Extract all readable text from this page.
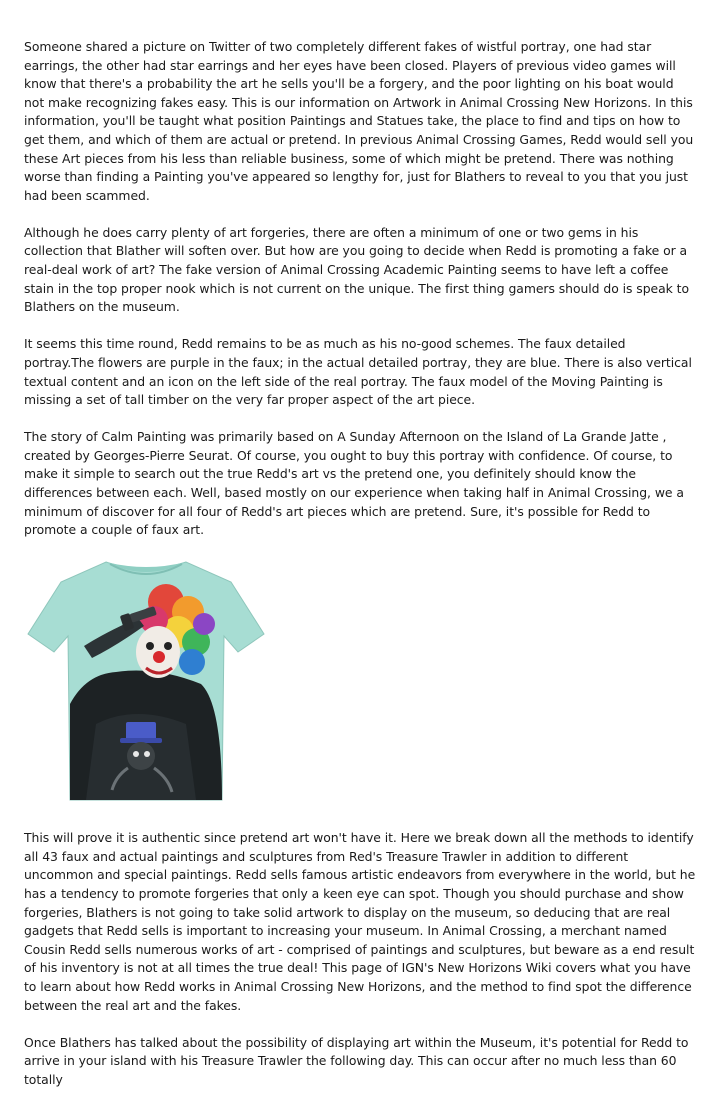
Someone shared a picture on Twitter of two completely different fakes of wistful portray, one had star earrings, the other had star earrings and her eyes have been closed. Players of previous video games will know that there's a probability the art he sells you'll be a forgery, and the poor lighting on his boat would not make recognizing fakes easy. This is our information on Artwork in Animal Crossing New Horizons. In this information, you'll be taught what position Paintings and Statues take, the place to find and tips on how to get them, and which of them are actual or pretend. In previous Animal Crossing Games, Redd would sell you these Art pieces from his less than reliable business, some of which might be pretend. There was nothing worse than finding a Painting you've appeared so lengthy for, just for Blathers to reveal to you that you just had been scammed.

Although he does carry plenty of art forgeries, there are often a minimum of one or two gems in his collection that Blather will soften over. But how are you going to decide when Redd is promoting a fake or a real-deal work of art? The fake version of Animal Crossing Academic Painting seems to have left a coffee stain in the top proper nook which is not current on the unique. The first thing gamers should do is speak to Blathers on the museum.

It seems this time round, Redd remains to be as much as his no-good schemes. The faux detailed portray.The flowers are purple in the faux; in the actual detailed portray, they are blue. There is also vertical textual content and an icon on the left side of the real portray. The faux model of the Moving Painting is missing a set of tall timber on the very far proper aspect of the art piece.

The story of Calm Painting was primarily based on A Sunday Afternoon on the Island of La Grande Jatte , created by Georges-Pierre Seurat. Of course, you ought to buy this portray with confidence. Of course, to make it simple to search out the true Redd's art vs the pretend one, you definitely should know the differences between each. Well, based mostly on our experience when taking half in Animal Crossing, we a minimum of discover for all four of Redd's art pieces which are pretend. Sure, it's possible for Redd to promote a couple of faux art.

This will prove it is authentic since pretend art won't have it. Here we break down all the methods to identify all 43 faux and actual paintings and sculptures from Red's Treasure Trawler in addition to different uncommon and special paintings. Redd sells famous artistic endeavors from everywhere in the world, but he has a tendency to promote forgeries that only a keen eye can spot. Though you should purchase and show forgeries, Blathers is not going to take solid artwork to display on the museum, so deducing that are real gadgets that Redd sells is important to increasing your museum. In Animal Crossing, a merchant named Cousin Redd sells numerous works of art - comprised of paintings and sculptures, but beware as a end result of his inventory is not at all times the true deal! This page of IGN's New Horizons Wiki covers what you have to learn about how Redd works in Animal Crossing New Horizons, and the method to find spot the difference between the real art and the fakes.

Once Blathers has talked about the possibility of displaying art within the Museum, it's potential for Redd to arrive in your island with his Treasure Trawler the following day. This can occur after no much less than 60 totally
